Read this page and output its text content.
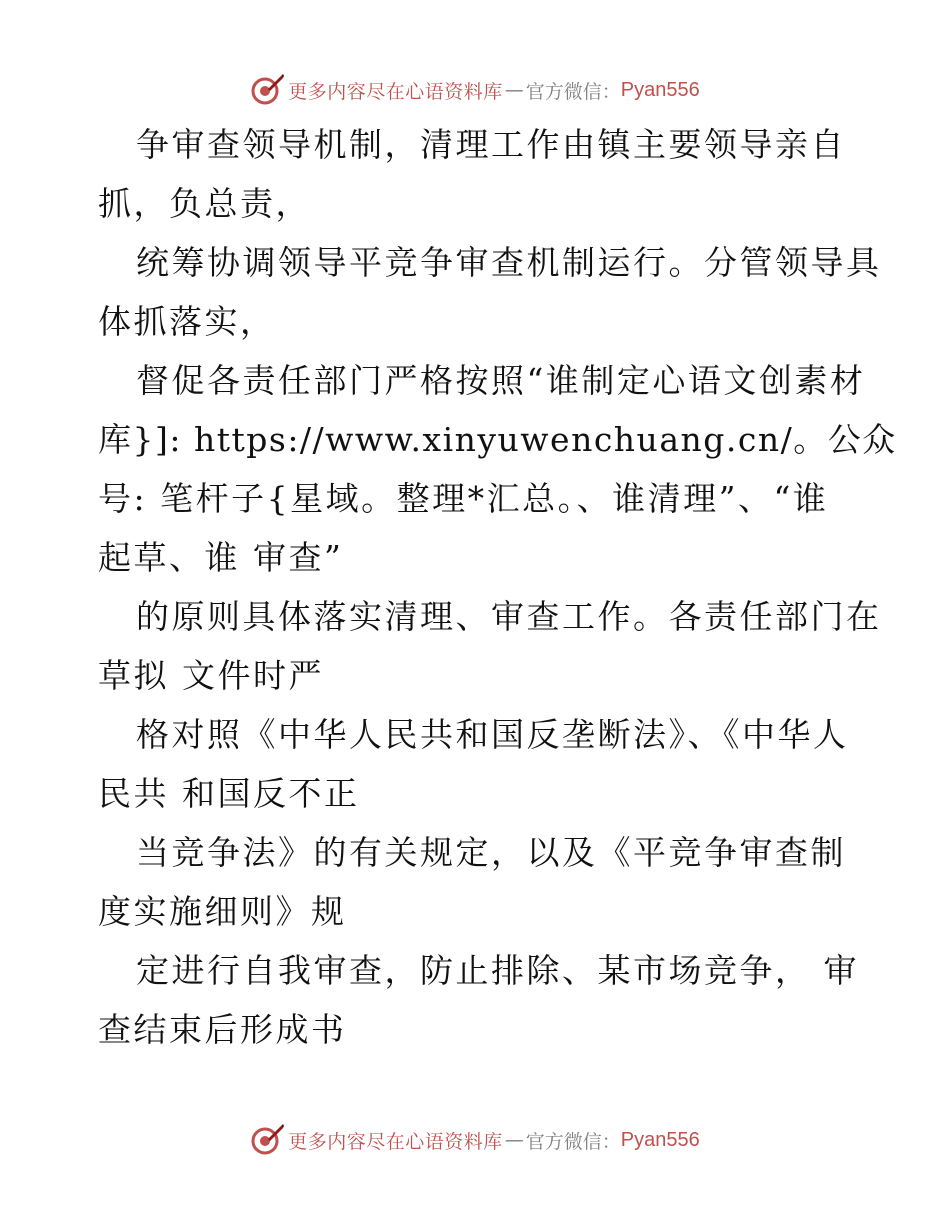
更多内容尽在心语资料库 — 官方微信： Pyan556
争审查领导机制，清理工作由镇主要领导亲自
抓，负总责，
统筹协调领导平竞争审查机制运行。分管领导具
体抓落实，
督促各责任部门严格按照“谁制定心语文创素材
库}]: https://www.xinyuwenchuang.cn/。公众
号: 笔杆子{星域。整理*汇总。、谁清理”、“谁
起草、谁 审查”
的原则具体落实清理、审查工作。各责任部门在
草拟 文件时严
格对照《中华人民共和国反垄断法》、《中华人
民共 和国反不正
当竞争法》的有关规定，以及《平竞争审查制
度实施细则》规
定进行自我审查，防止排除、某市场竞争， 审
查结束后形成书
更多内容尽在心语资料库 — 官方微信： Pyan556
